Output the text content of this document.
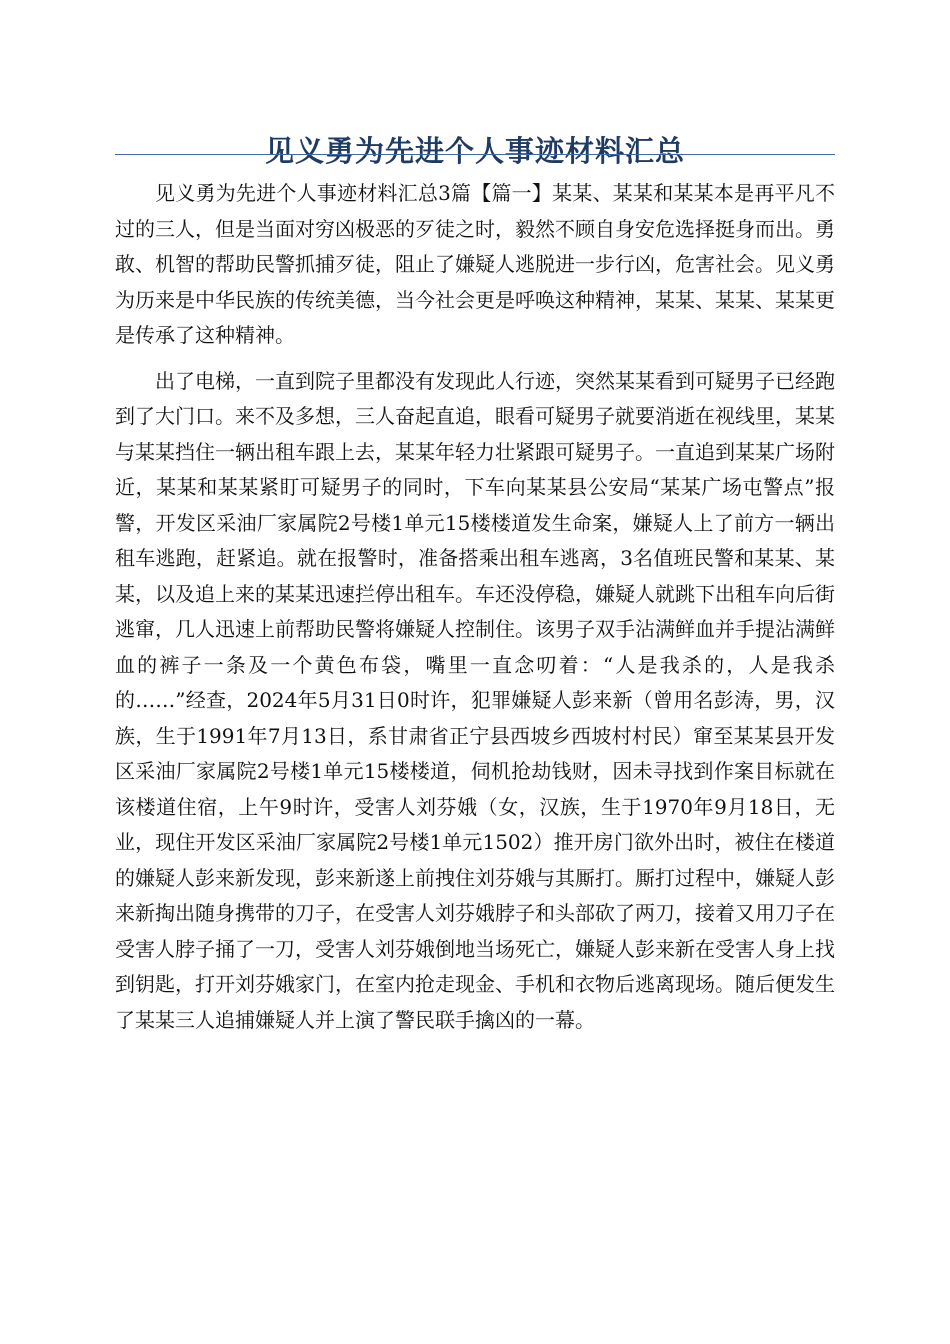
见义勇为先进个人事迹材料汇总

见义勇为先进个人事迹材料汇总3篇【篇一】某某、某某和某某本是再平凡不过的三人，但是当面对穷凶极恶的歹徒之时，毅然不顾自身安危选择挺身而出。勇敢、机智的帮助民警抓捕歹徒，阻止了嫌疑人逃脱进一步行凶，危害社会。见义勇为历来是中华民族的传统美德，当今社会更是呼唤这种精神，某某、某某、某某更是传承了这种精神。

出了电梯，一直到院子里都没有发现此人行迹，突然某某看到可疑男子已经跑到了大门口。来不及多想，三人奋起直追，眼看可疑男子就要消逝在视线里，某某与某某挡住一辆出租车跟上去，某某年轻力壮紧跟可疑男子。一直追到某某广场附近，某某和某某紧盯可疑男子的同时，下车向某某县公安局“某某广场屯警点”报警，开发区采油厂家属院2号楼1单元15楼楼道发生命案，嫌疑人上了前方一辆出租车逃跑，赶紧追。就在报警时，准备搭乘出租车逃离，3名值班民警和某某、某某，以及追上来的某某迅速拦停出租车。车还没停稳，嫌疑人就跳下出租车向后街逃窜，几人迅速上前帮助民警将嫌疑人控制住。该男子双手沾满鲜血并手提沾满鲜血的裤子一条及一个黄色布袋，嘴里一直念叨着：“人是我杀的，人是我杀的……”经查，2024年5月31日0时许，犯罪嫌疑人彭来新（曾用名彭涛，男，汉族，生于1991年7月13日，系甘肃省正宁县西坡乡西坡村村民）窜至某某县开发区采油厂家属院2号楼1单元15楼楼道，伺机抢劫钱财，因未寻找到作案目标就在该楼道住宿，上午9时许，受害人刘芬娥（女，汉族，生于1970年9月18日，无业，现住开发区采油厂家属院2号楼1单元1502）推开房门欲外出时，被住在楼道的嫌疑人彭来新发现，彭来新遂上前拽住刘芬娥与其厮打。厮打过程中，嫌疑人彭来新掏出随身携带的刀子，在受害人刘芬娥脖子和头部砍了两刀，接着又用刀子在受害人脖子捅了一刀，受害人刘芬娥倒地当场死亡，嫌疑人彭来新在受害人身上找到钥匙，打开刘芬娥家门，在室内抢走现金、手机和衣物后逃离现场。随后便发生了某某三人追捕嫌疑人并上演了警民联手擒凶的一幕。
